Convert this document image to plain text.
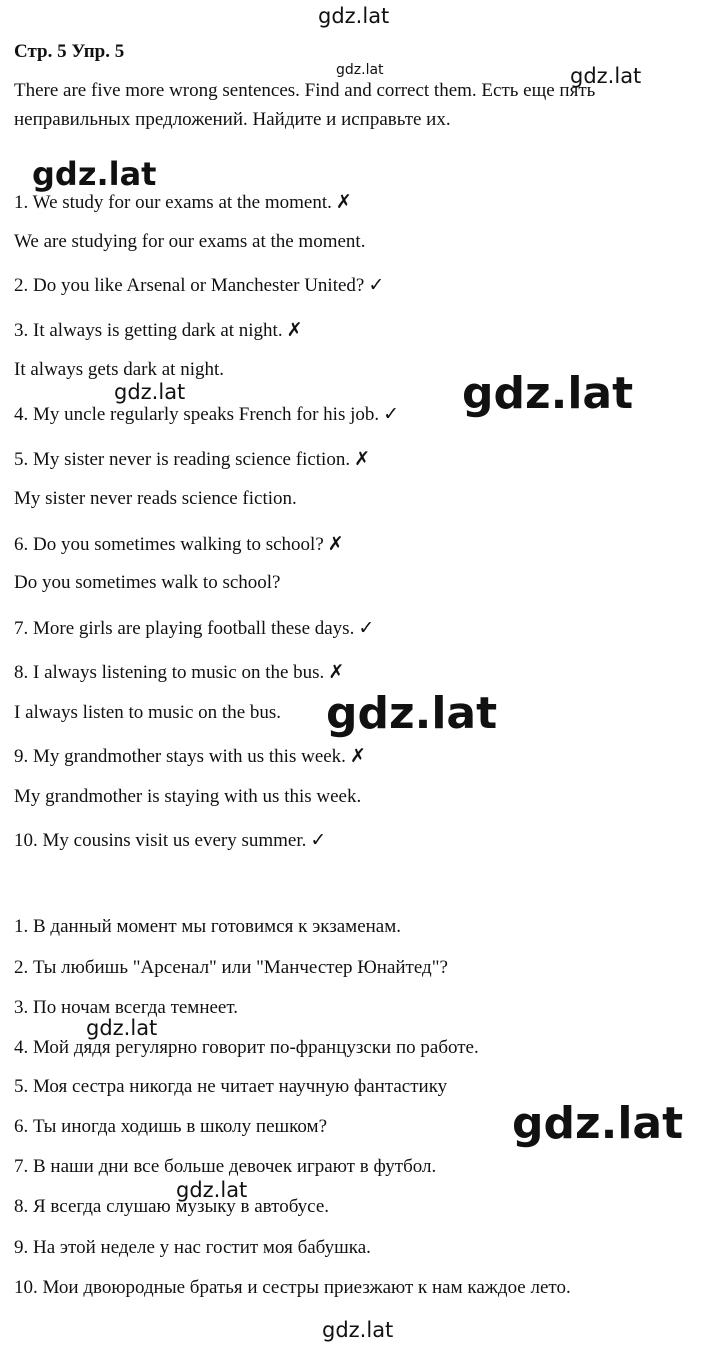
gdz.lat
Стр. 5 Упр. 5
gdz.lat	gdz.lat
There are five more wrong sentences. Find and correct them. Есть еще пять
неправильных предложений. Найдите и исправьте их.
gdz.lat
1. We study for our exams at the moment. ✗
We are studying for our exams at the moment.
2. Do you like Arsenal or Manchester United? ✓
3. It always is getting dark at night. ✗
It always gets dark at night.
gdz.lat
4. My uncle regularly speaks French for his job. ✓ gdz.lat
5. My sister never is reading science fiction. ✗
My sister never reads science fiction.
6. Do you sometimes walking to school? ✗
Do you sometimes walk to school?
7. More girls are playing football these days. ✓
8. I always listening to music on the bus. ✗
I always listen to music on the bus. gdz.lat
9. My grandmother stays with us this week. ✗
My grandmother is staying with us this week.
10. My cousins visit us every summer. ✓
1. В данный момент мы готовимся к экзаменам.
2. Ты любишь "Арсенал" или "Манчестер Юнайтед"?
3. По ночам всегда темнеет.
gdz.lat
4. Мой дядя регулярно говорит по-французски по работе.
5. Моя сестра никогда не читает научную фантастику
gdz.lat
6. Ты иногда ходишь в школу пешком?
7. В наши дни все больше девочек играют в футбол.
gdz.lat
8. Я всегда слушаю музыку в автобусе.
9. На этой неделе у нас гостит моя бабушка.
10. Мои двоюродные братья и сестры приезжают к нам каждое лето.
gdz.lat
